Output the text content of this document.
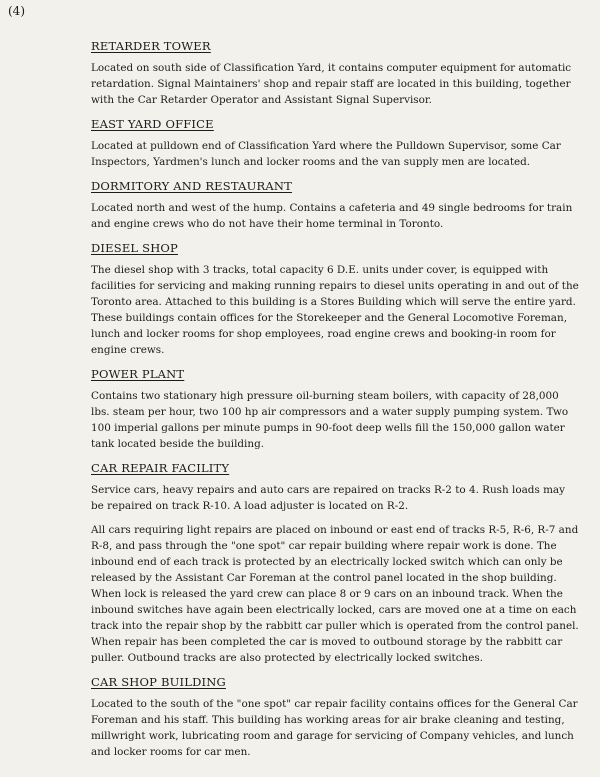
(4)
RETARDER TOWER

Located on south side of Classification Yard, it contains computer equipment for automatic retardation. Signal Maintainers' shop and repair staff are located in this building, together with the Car Retarder Operator and Assistant Signal Supervisor.

EAST YARD OFFICE

Located at pulldown end of Classification Yard where the Pulldown Supervisor, some Car Inspectors, Yardmen's lunch and locker rooms and the van supply men are located.

DORMITORY AND RESTAURANT

Located north and west of the hump. Contains a cafeteria and 49 single bedrooms for train and engine crews who do not have their home terminal in Toronto.

DIESEL SHOP

The diesel shop with 3 tracks, total capacity 6 D.E. units under cover, is equipped with facilities for servicing and making running repairs to diesel units operating in and out of the Toronto area. Attached to this building is a Stores Building which will serve the entire yard. These buildings contain offices for the Storekeeper and the General Locomotive Foreman, lunch and locker rooms for shop employees, road engine crews and booking-in room for engine crews.

POWER PLANT

Contains two stationary high pressure oil-burning steam boilers, with capacity of 28,000 lbs. steam per hour, two 100 hp air compressors and a water supply pumping system. Two 100 imperial gallons per minute pumps in 90-foot deep wells fill the 150,000 gallon water tank located beside the building.

CAR REPAIR FACILITY

Service cars, heavy repairs and auto cars are repaired on tracks R-2 to 4. Rush loads may be repaired on track R-10. A load adjuster is located on R-2.

All cars requiring light repairs are placed on inbound or east end of tracks R-5, R-6, R-7 and R-8, and pass through the "one spot" car repair building where repair work is done. The inbound end of each track is protected by an electrically locked switch which can only be released by the Assistant Car Foreman at the control panel located in the shop building. When lock is released the yard crew can place 8 or 9 cars on an inbound track. When the inbound switches have again been electrically locked, cars are moved one at a time on each track into the repair shop by the rabbitt car puller which is operated from the control panel. When repair has been completed the car is moved to outbound storage by the rabbitt car puller. Outbound tracks are also protected by electrically locked switches.

CAR SHOP BUILDING

Located to the south of the "one spot" car repair facility contains offices for the General Car Foreman and his staff. This building has working areas for air brake cleaning and testing, millwright work, lubricating room and garage for servicing of Company vehicles, and lunch and locker rooms for car men.
